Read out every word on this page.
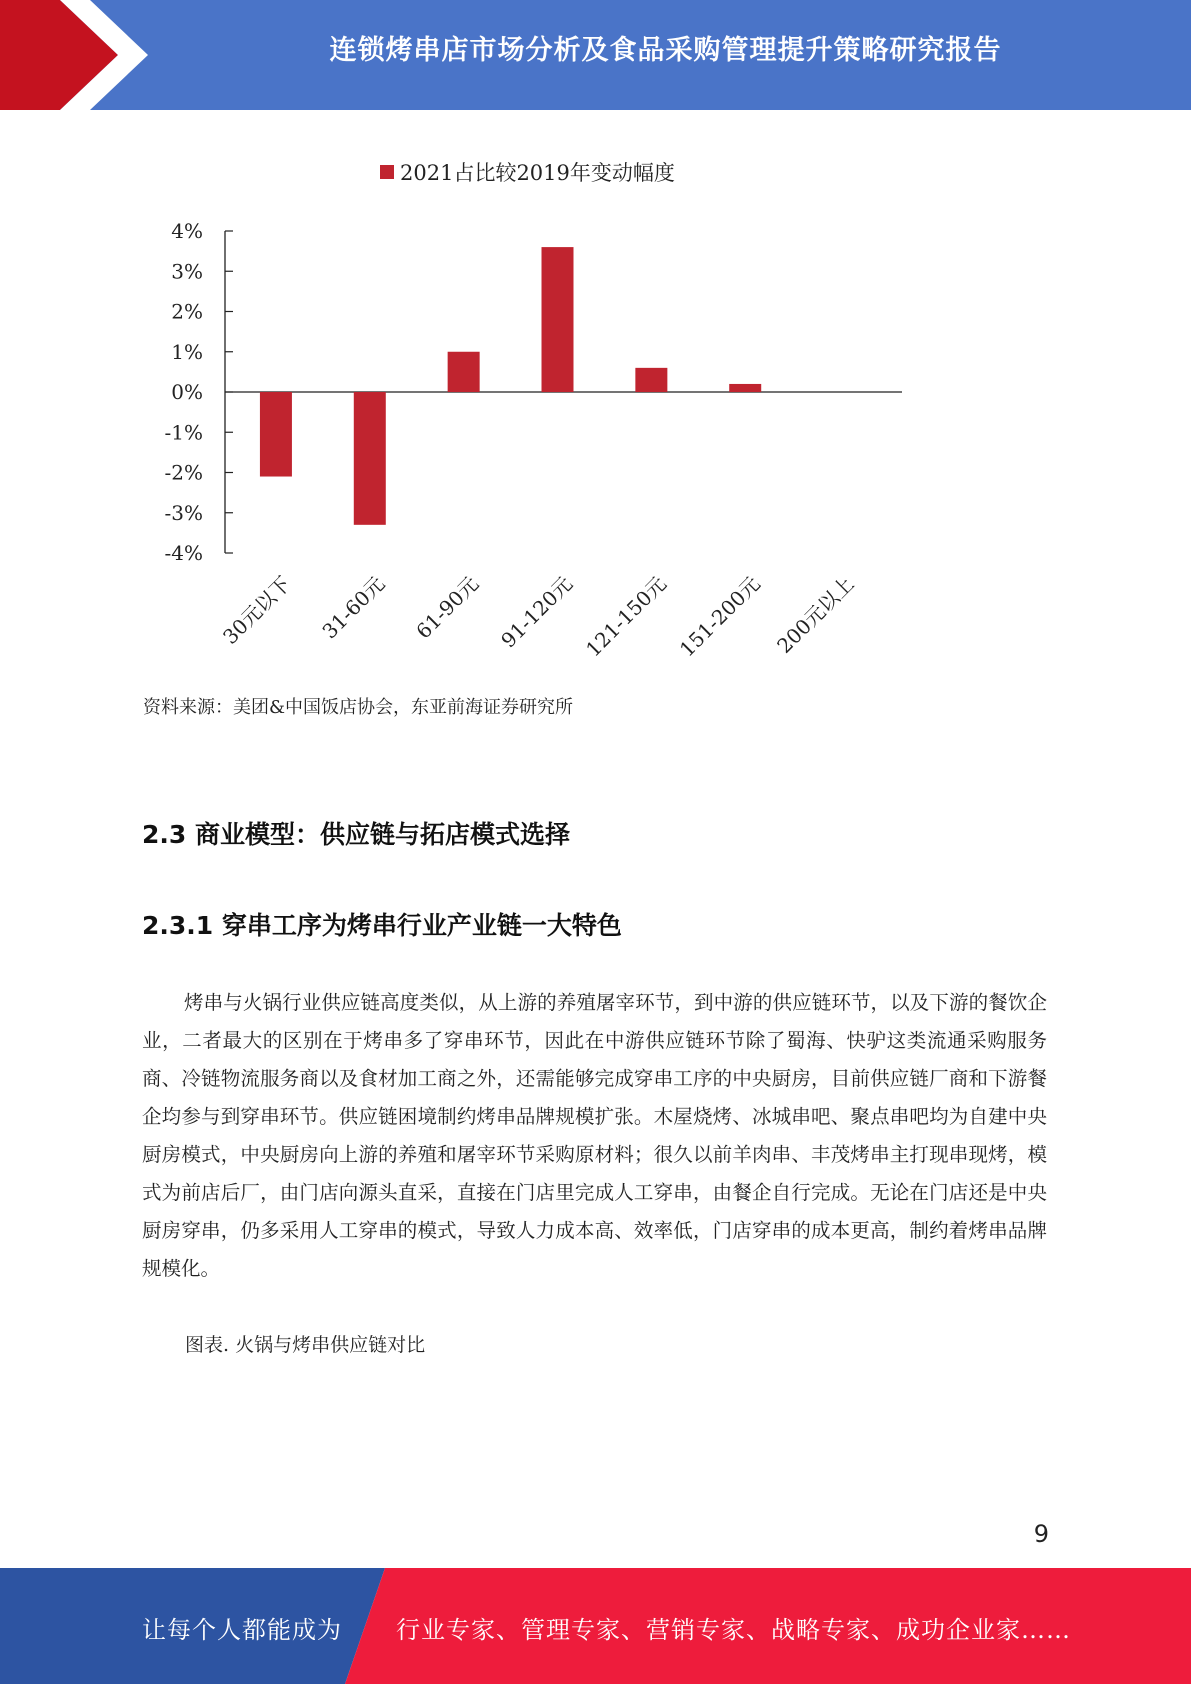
连锁烤串店市场分析及食品采购管理提升策略研究报告
2021占比较2019年变动幅度
4%
3%
2%
1%
0%
-1%
-2%
-3%
-4%
30元以下 31-60元 61-90元 91-120元 121-150元 151-200元 200元以上
资料来源：美团&中国饭店协会，东亚前海证券研究所
2.3 商业模型：供应链与拓店模式选择
2.3.1 穿串工序为烤串行业产业链一大特色

烤串与火锅行业供应链高度类似，从上游的养殖屠宰环节，到中游的供应链环节，以及下游的餐饮企业，二者最大的区别在于烤串多了穿串环节，因此在中游供应链环节除了蜀海、快驴这类流通采购服务商、冷链物流服务商以及食材加工商之外，还需能够完成穿串工序的中央厨房，目前供应链厂商和下游餐企均参与到穿串环节。供应链困境制约烤串品牌规模扩张。木屋烧烤、冰城串吧、聚点串吧均为自建中央厨房模式，中央厨房向上游的养殖和屠宰环节采购原材料；很久以前羊肉串、丰茂烤串主打现串现烤，模式为前店后厂，由门店向源头直采，直接在门店里完成人工穿串，由餐企自行完成。无论在门店还是中央厨房穿串，仍多采用人工穿串的模式，导致人力成本高、效率低，门店穿串的成本更高，制约着烤串品牌规模化。

图表. 火锅与烤串供应链对比
9
让每个人都能成为 行业专家、管理专家、营销专家、战略专家、成功企业家……
